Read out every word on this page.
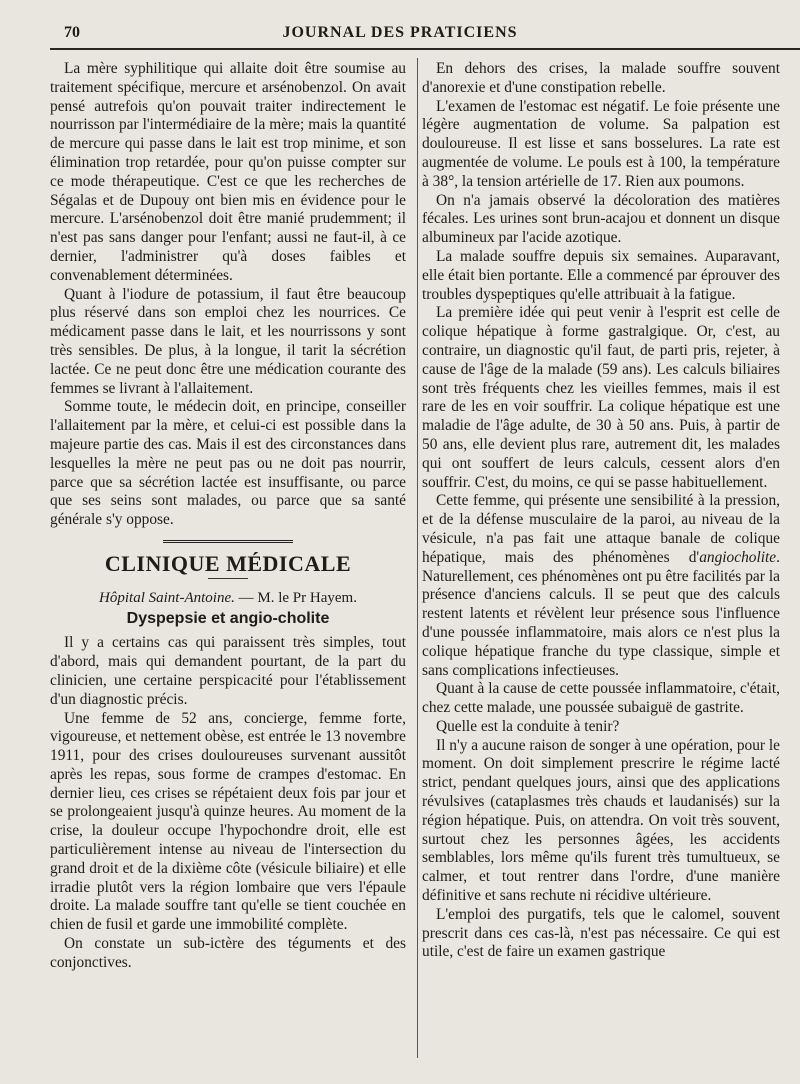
70	JOURNAL DES PRATICIENS

La mère syphilitique qui allaite doit être soumise au traitement spécifique, mercure et arsénobenzol. On avait pensé autrefois qu'on pouvait traiter indirectement le nourrisson par l'intermédiaire de la mère; mais la quantité de mercure qui passe dans le lait est trop minime, et son élimination trop retardée, pour qu'on puisse compter sur ce mode thérapeutique. C'est ce que les recherches de Ségalas et de Dupouy ont bien mis en évidence pour le mercure. L'arsénobenzol doit être manié prudemment; il n'est pas sans danger pour l'enfant; aussi ne faut-il, à ce dernier, l'administrer qu'à doses faibles et convenablement déterminées.

Quant à l'iodure de potassium, il faut être beaucoup plus réservé dans son emploi chez les nourrices. Ce médicament passe dans le lait, et les nourrissons y sont très sensibles. De plus, à la longue, il tarit la sécrétion lactée. Ce ne peut donc être une médication courante des femmes se livrant à l'allaitement.

Somme toute, le médecin doit, en principe, conseiller l'allaitement par la mère, et celui-ci est possible dans la majeure partie des cas. Mais il est des circonstances dans lesquelles la mère ne peut pas ou ne doit pas nourrir, parce que sa sécrétion lactée est insuffisante, ou parce que ses seins sont malades, ou parce que sa santé générale s'y oppose.

CLINIQUE MÉDICALE
Hôpital Saint-Antoine. — M. le Pr Hayem.
Dyspepsie et angio-cholite

Il y a certains cas qui paraissent très simples, tout d'abord, mais qui demandent pourtant, de la part du clinicien, une certaine perspicacité pour l'établissement d'un diagnostic précis.

Une femme de 52 ans, concierge, femme forte, vigoureuse, et nettement obèse, est entrée le 13 novembre 1911, pour des crises douloureuses survenant aussitôt après les repas, sous forme de crampes d'estomac. En dernier lieu, ces crises se répétaient deux fois par jour et se prolongeaient jusqu'à quinze heures. Au moment de la crise, la douleur occupe l'hypochondre droit, elle est particulièrement intense au niveau de l'intersection du grand droit et de la dixième côte (vésicule biliaire) et elle irradie plutôt vers la région lombaire que vers l'épaule droite. La malade souffre tant qu'elle se tient couchée en chien de fusil et garde une immobilité complète.

On constate un sub-ictère des téguments et des conjonctives.

En dehors des crises, la malade souffre souvent d'anorexie et d'une constipation rebelle.

L'examen de l'estomac est négatif. Le foie présente une légère augmentation de volume. Sa palpation est douloureuse. Il est lisse et sans bosselures. La rate est augmentée de volume. Le pouls est à 100, la température à 38°, la tension artérielle de 17. Rien aux poumons.

On n'a jamais observé la décoloration des matières fécales. Les urines sont brun-acajou et donnent un disque albumineux par l'acide azotique.

La malade souffre depuis six semaines. Auparavant, elle était bien portante. Elle a commencé par éprouver des troubles dyspeptiques qu'elle attribuait à la fatigue.

La première idée qui peut venir à l'esprit est celle de colique hépatique à forme gastralgique. Or, c'est, au contraire, un diagnostic qu'il faut, de parti pris, rejeter, à cause de l'âge de la malade (59 ans). Les calculs biliaires sont très fréquents chez les vieilles femmes, mais il est rare de les en voir souffrir. La colique hépatique est une maladie de l'âge adulte, de 30 à 50 ans. Puis, à partir de 50 ans, elle devient plus rare, autrement dit, les malades qui ont souffert de leurs calculs, cessent alors d'en souffrir. C'est, du moins, ce qui se passe habituellement.

Cette femme, qui présente une sensibilité à la pression, et de la défense musculaire de la paroi, au niveau de la vésicule, n'a pas fait une attaque banale de colique hépatique, mais des phénomènes d'angiocholite. Naturellement, ces phénomènes ont pu être facilités par la présence d'anciens calculs. Il se peut que des calculs restent latents et révèlent leur présence sous l'influence d'une poussée inflammatoire, mais alors ce n'est plus la colique hépatique franche du type classique, simple et sans complications infectieuses.

Quant à la cause de cette poussée inflammatoire, c'était, chez cette malade, une poussée subaiguë de gastrite.

Quelle est la conduite à tenir?

Il n'y a aucune raison de songer à une opération, pour le moment. On doit simplement prescrire le régime lacté strict, pendant quelques jours, ainsi que des applications révulsives (cataplasmes très chauds et laudanisés) sur la région hépatique. Puis, on attendra. On voit très souvent, surtout chez les personnes âgées, les accidents semblables, lors même qu'ils furent très tumultueux, se calmer, et tout rentrer dans l'ordre, d'une manière définitive et sans rechute ni récidive ultérieure.

L'emploi des purgatifs, tels que le calomel, souvent prescrit dans ces cas-là, n'est pas nécessaire. Ce qui est utile, c'est de faire un examen gastrique
